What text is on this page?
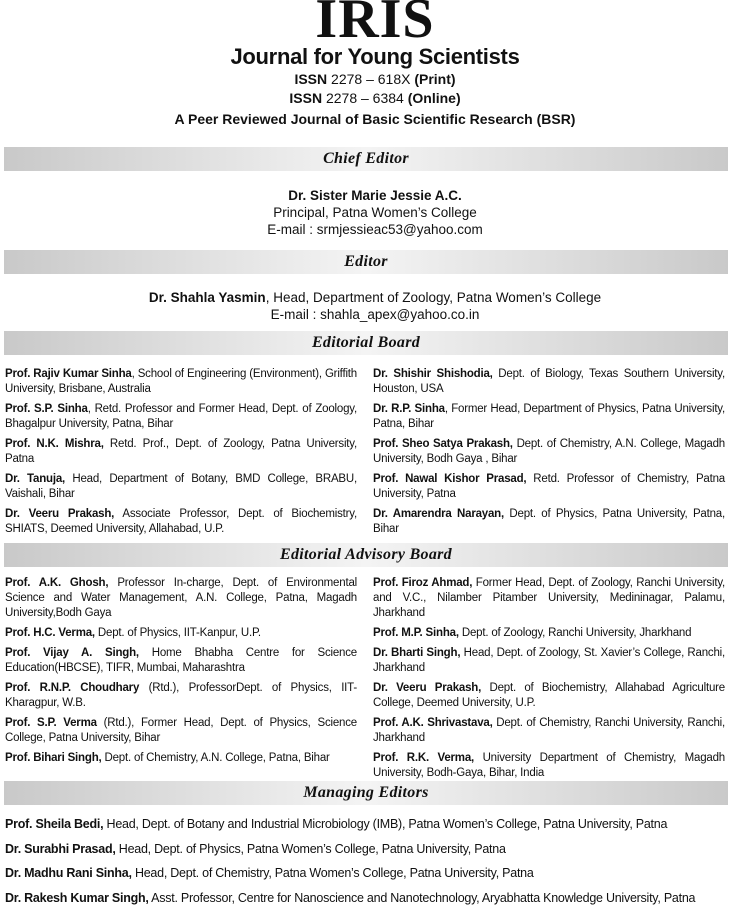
IRIS
Journal for Young Scientists
ISSN 2278 – 618X (Print)
ISSN 2278 – 6384 (Online)
A Peer Reviewed Journal of Basic Scientific Research (BSR)
Chief Editor
Dr. Sister Marie Jessie A.C.
Principal, Patna Women’s College
E-mail : srmjessieac53@yahoo.com
Editor
Dr. Shahla Yasmin, Head, Department of Zoology, Patna Women’s College
E-mail : shahla_apex@yahoo.co.in
Editorial Board
Prof. Rajiv Kumar Sinha, School of Engineering (Environment), Griffith University, Brisbane, Australia
Prof. S.P. Sinha, Retd. Professor and Former Head, Dept. of Zoology, Bhagalpur University, Patna, Bihar
Prof. N.K. Mishra, Retd. Prof., Dept. of Zoology, Patna University, Patna
Dr. Tanuja, Head, Department of Botany, BMD College, BRABU, Vaishali, Bihar
Dr. Veeru Prakash, Associate Professor, Dept. of Biochemistry, SHIATS, Deemed University, Allahabad, U.P.
Dr. Shishir Shishodia, Dept. of Biology, Texas Southern University, Houston, USA
Dr. R.P. Sinha, Former Head, Department of Physics, Patna University, Patna, Bihar
Prof. Sheo Satya Prakash, Dept. of Chemistry, A.N. College, Magadh University, Bodh Gaya , Bihar
Prof. Nawal Kishor Prasad, Retd. Professor of Chemistry, Patna University, Patna
Dr. Amarendra Narayan, Dept. of Physics, Patna University, Patna, Bihar
Editorial Advisory Board
Prof. A.K. Ghosh, Professor In-charge, Dept. of Environmental Science and Water Management, A.N. College, Patna, Magadh University,Bodh Gaya
Prof. H.C. Verma, Dept. of Physics, IIT-Kanpur, U.P.
Prof. Vijay A. Singh, Home Bhabha Centre for Science Education(HBCSE), TIFR, Mumbai, Maharashtra
Prof. R.N.P. Choudhary (Rtd.), ProfessorDept. of Physics, IIT-Kharagpur, W.B.
Prof. S.P. Verma (Rtd.), Former Head, Dept. of Physics, Science College, Patna University, Bihar
Prof. Bihari Singh, Dept. of Chemistry, A.N. College, Patna, Bihar
Prof. Firoz Ahmad, Former Head, Dept. of Zoology, Ranchi University, and V.C., Nilamber Pitamber University, Medininagar, Palamu, Jharkhand
Prof. M.P. Sinha, Dept. of Zoology, Ranchi University, Jharkhand
Dr. Bharti Singh, Head, Dept. of Zoology, St. Xavier’s College, Ranchi, Jharkhand
Dr. Veeru Prakash, Dept. of Biochemistry, Allahabad Agriculture College, Deemed University, U.P.
Prof. A.K. Shrivastava, Dept. of Chemistry, Ranchi University, Ranchi, Jharkhand
Prof. R.K. Verma, University Department of Chemistry, Magadh University, Bodh-Gaya, Bihar, India
Managing Editors
Prof. Sheila Bedi, Head, Dept. of Botany and Industrial Microbiology (IMB), Patna Women’s College, Patna University, Patna
Dr. Surabhi Prasad, Head, Dept. of Physics, Patna Women’s College, Patna University, Patna
Dr. Madhu Rani Sinha, Head, Dept. of Chemistry, Patna Women’s College, Patna University, Patna
Dr. Rakesh Kumar Singh, Asst. Professor, Centre for Nanoscience and Nanotechnology, Aryabhatta Knowledge University, Patna
